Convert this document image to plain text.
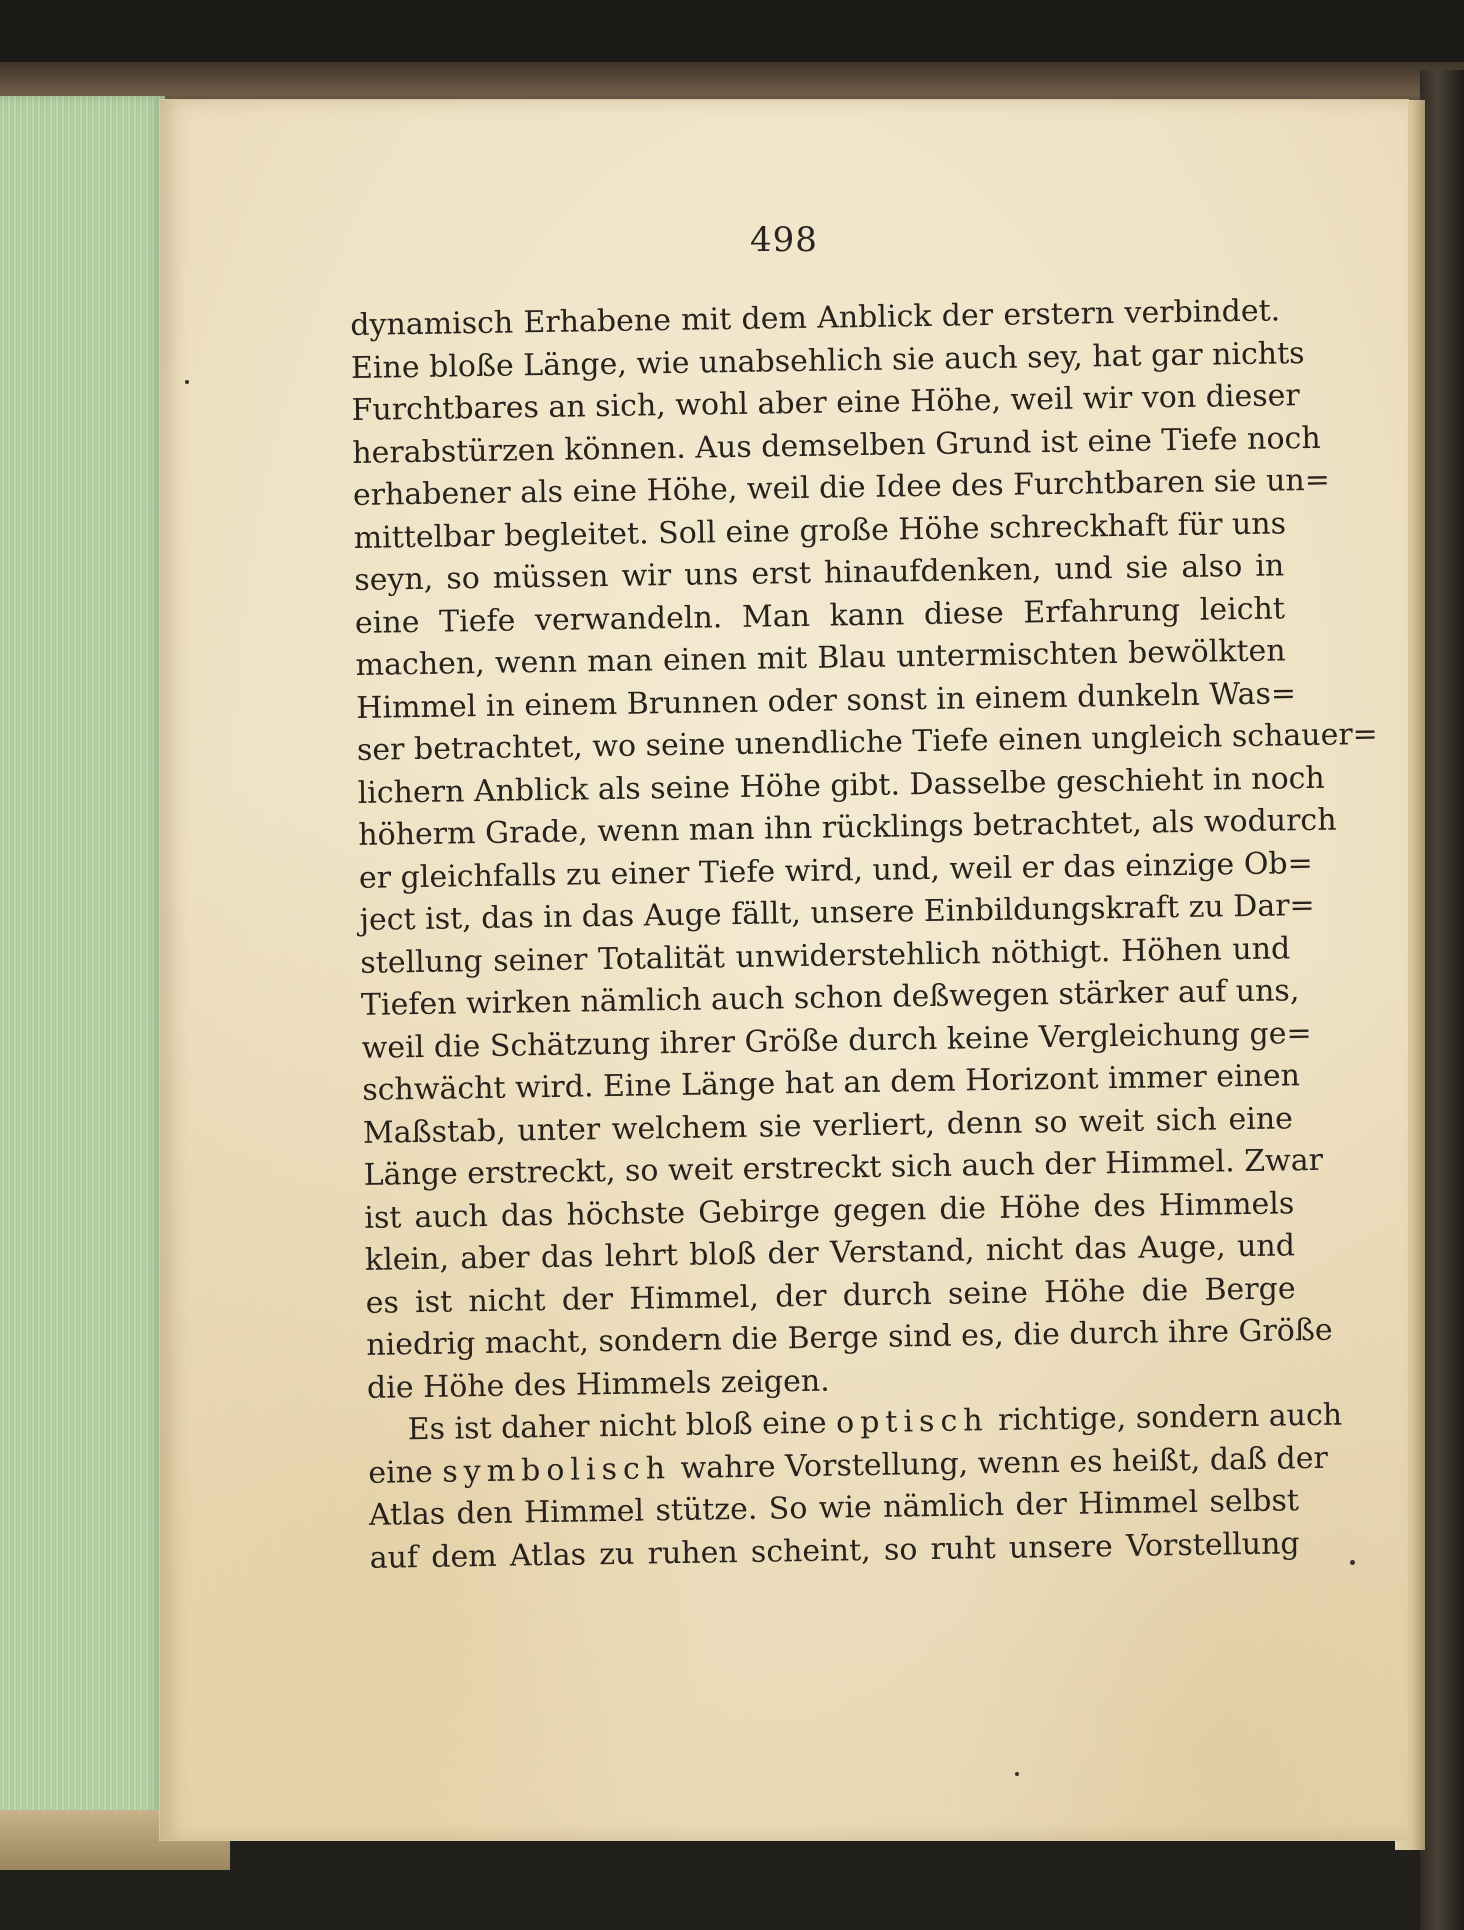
498
dynamisch Erhabene mit dem Anblick der erstern verbindet.
Eine bloße Länge, wie unabsehlich sie auch sey, hat gar nichts
Furchtbares an sich, wohl aber eine Höhe, weil wir von dieser
herabstürzen können. Aus demselben Grund ist eine Tiefe noch
erhabener als eine Höhe, weil die Idee des Furchtbaren sie un=
mittelbar begleitet. Soll eine große Höhe schreckhaft für uns
seyn, so müssen wir uns erst hinaufdenken, und sie also in
eine Tiefe verwandeln. Man kann diese Erfahrung leicht
machen, wenn man einen mit Blau untermischten bewölkten
Himmel in einem Brunnen oder sonst in einem dunkeln Was=
ser betrachtet, wo seine unendliche Tiefe einen ungleich schauer=
lichern Anblick als seine Höhe gibt. Dasselbe geschieht in noch
höherm Grade, wenn man ihn rücklings betrachtet, als wodurch
er gleichfalls zu einer Tiefe wird, und, weil er das einzige Ob=
ject ist, das in das Auge fällt, unsere Einbildungskraft zu Dar=
stellung seiner Totalität unwiderstehlich nöthigt. Höhen und
Tiefen wirken nämlich auch schon deßwegen stärker auf uns,
weil die Schätzung ihrer Größe durch keine Vergleichung ge=
schwächt wird. Eine Länge hat an dem Horizont immer einen
Maßstab, unter welchem sie verliert, denn so weit sich eine
Länge erstreckt, so weit erstreckt sich auch der Himmel. Zwar
ist auch das höchste Gebirge gegen die Höhe des Himmels
klein, aber das lehrt bloß der Verstand, nicht das Auge, und
es ist nicht der Himmel, der durch seine Höhe die Berge
niedrig macht, sondern die Berge sind es, die durch ihre Größe
die Höhe des Himmels zeigen.
Es ist daher nicht bloß eine optisch richtige, sondern auch
eine symbolisch wahre Vorstellung, wenn es heißt, daß der
Atlas den Himmel stütze. So wie nämlich der Himmel selbst
auf dem Atlas zu ruhen scheint, so ruht unsere Vorstellung
